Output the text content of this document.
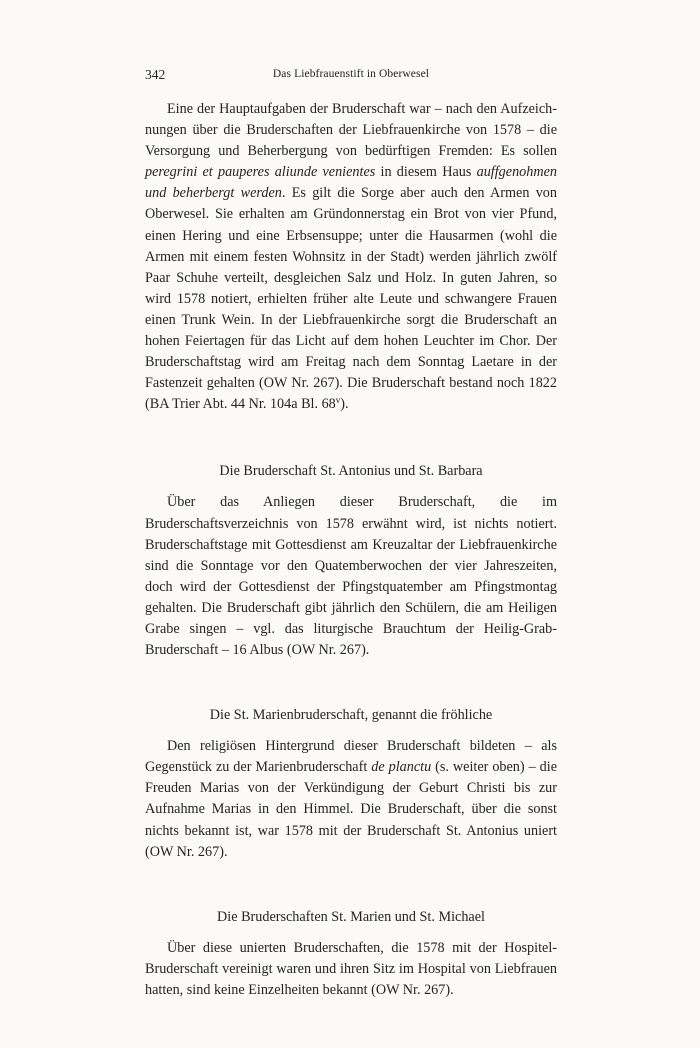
342	Das Liebfrauenstift in Oberwesel

Eine der Hauptaufgaben der Bruderschaft war – nach den Aufzeichnungen über die Bruderschaften der Liebfrauenkirche von 1578 – die Versorgung und Beherbergung von bedürftigen Fremden: Es sollen peregrini et pauperes aliunde venientes in diesem Haus auffgenohmen und beherbergt werden. Es gilt die Sorge aber auch den Armen von Oberwesel. Sie erhalten am Gründonnerstag ein Brot von vier Pfund, einen Hering und eine Erbsensuppe; unter die Hausarmen (wohl die Armen mit einem festen Wohnsitz in der Stadt) werden jährlich zwölf Paar Schuhe verteilt, desgleichen Salz und Holz. In guten Jahren, so wird 1578 notiert, erhielten früher alte Leute und schwangere Frauen einen Trunk Wein. In der Liebfrauenkirche sorgt die Bruderschaft an hohen Feiertagen für das Licht auf dem hohen Leuchter im Chor. Der Bruderschaftstag wird am Freitag nach dem Sonntag Laetare in der Fastenzeit gehalten (OW Nr. 267). Die Bruderschaft bestand noch 1822 (BA Trier Abt. 44 Nr. 104a Bl. 68$^v$).

Die Bruderschaft St. Antonius und St. Barbara

Über das Anliegen dieser Bruderschaft, die im Bruderschaftsverzeichnis von 1578 erwähnt wird, ist nichts notiert. Bruderschaftstage mit Gottesdienst am Kreuzaltar der Liebfrauenkirche sind die Sonntage vor den Quatemberwochen der vier Jahreszeiten, doch wird der Gottesdienst der Pfingstquatember am Pfingstmontag gehalten. Die Bruderschaft gibt jährlich den Schülern, die am Heiligen Grabe singen – vgl. das liturgische Brauchtum der Heilig-Grab-Bruderschaft – 16 Albus (OW Nr. 267).

Die St. Marienbruderschaft, genannt die fröhliche

Den religiösen Hintergrund dieser Bruderschaft bildeten – als Gegenstück zu der Marienbruderschaft de planctu (s. weiter oben) – die Freuden Marias von der Verkündigung der Geburt Christi bis zur Aufnahme Marias in den Himmel. Die Bruderschaft, über die sonst nichts bekannt ist, war 1578 mit der Bruderschaft St. Antonius uniert (OW Nr. 267).

Die Bruderschaften St. Marien und St. Michael

Über diese unierten Bruderschaften, die 1578 mit der Hospitel-Bruderschaft vereinigt waren und ihren Sitz im Hospital von Liebfrauen hatten, sind keine Einzelheiten bekannt (OW Nr. 267).
